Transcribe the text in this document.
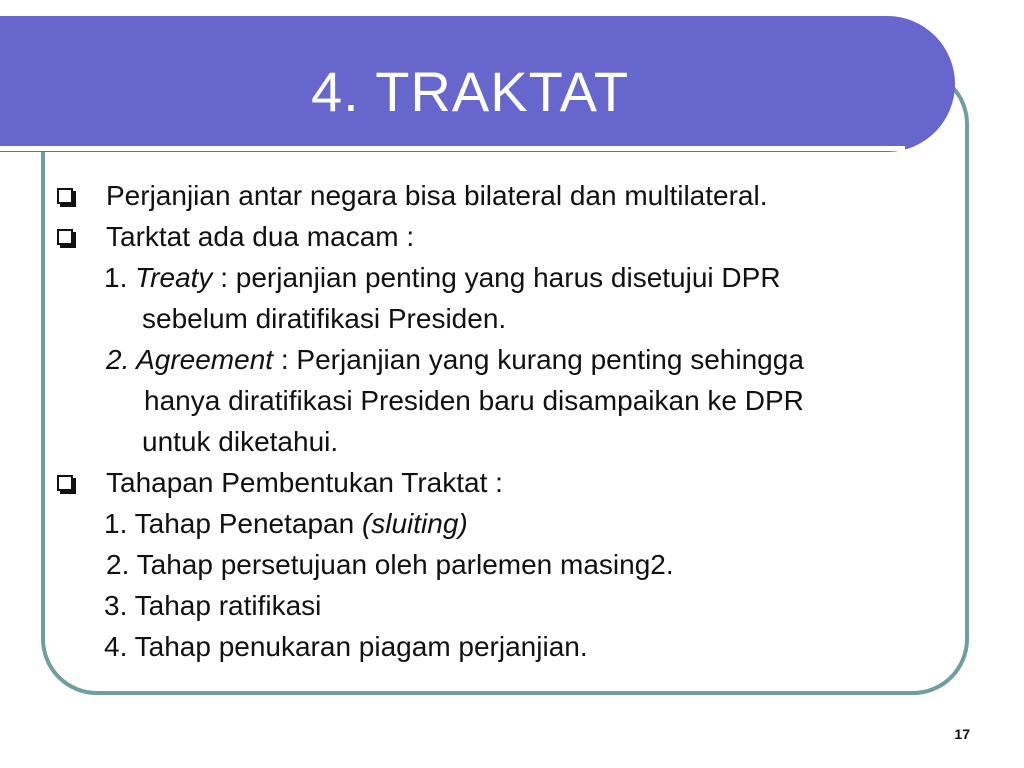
4. TRAKTAT
Perjanjian antar negara bisa bilateral dan multilateral.
Tarktat ada dua macam :
1. Treaty : perjanjian penting yang harus disetujui DPR
sebelum diratifikasi Presiden.
2. Agreement : Perjanjian yang kurang penting sehingga
hanya diratifikasi Presiden baru disampaikan ke DPR
untuk diketahui.
Tahapan Pembentukan Traktat :
1. Tahap Penetapan (sluiting)
2. Tahap persetujuan oleh parlemen masing2.
3. Tahap ratifikasi
4. Tahap penukaran piagam perjanjian.
17
